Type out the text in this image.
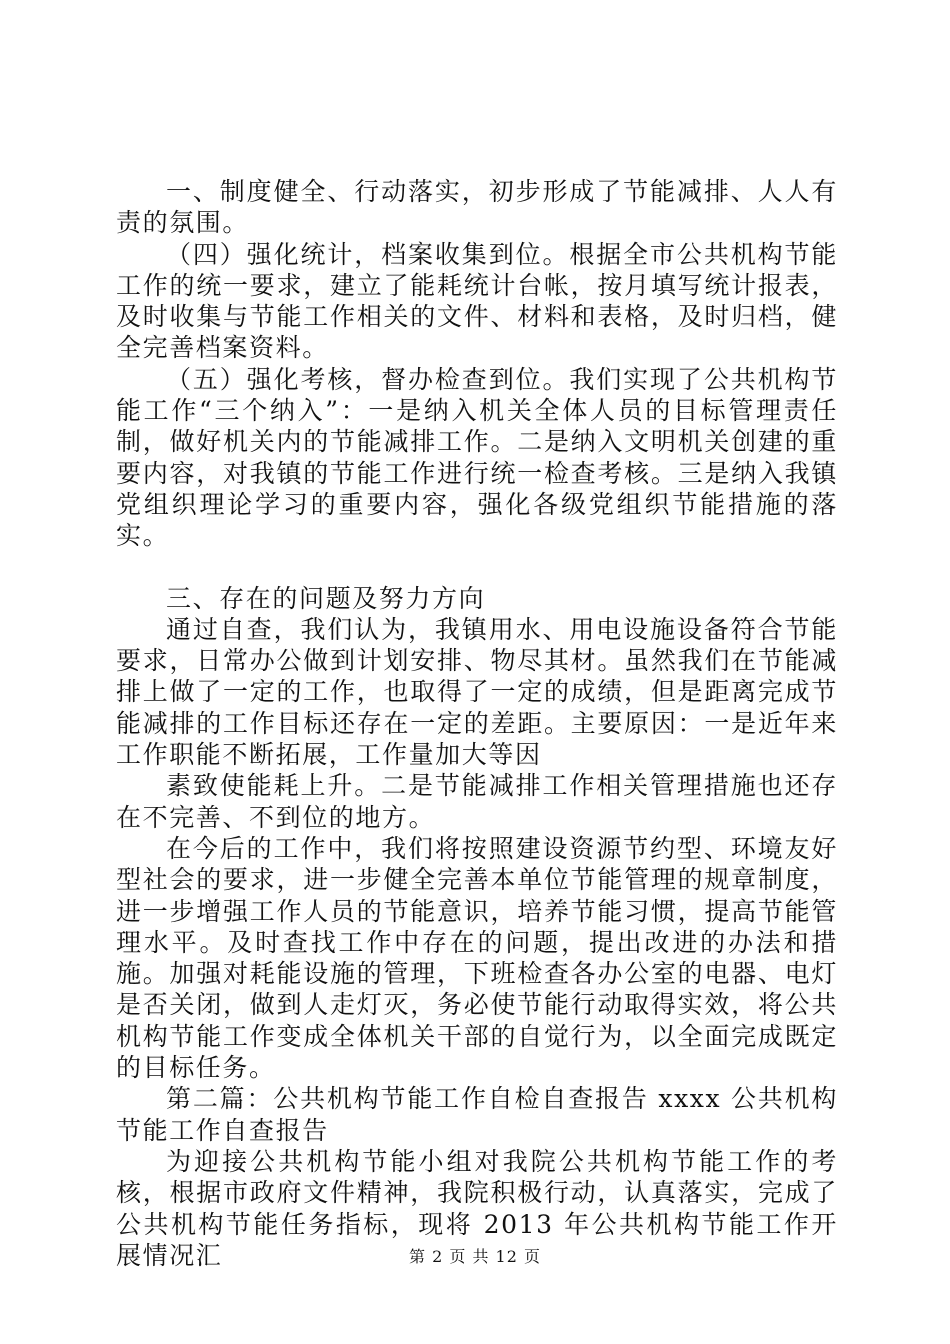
一、制度健全、行动落实，初步形成了节能减排、人人有责的氛围。

（四）强化统计，档案收集到位。根据全市公共机构节能工作的统一要求，建立了能耗统计台帐，按月填写统计报表，及时收集与节能工作相关的文件、材料和表格，及时归档，健全完善档案资料。

（五）强化考核，督办检查到位。我们实现了公共机构节能工作“三个纳入”：一是纳入机关全体人员的目标管理责任制，做好机关内的节能减排工作。二是纳入文明机关创建的重要内容，对我镇的节能工作进行统一检查考核。三是纳入我镇党组织理论学习的重要内容，强化各级党组织节能措施的落实。

三、存在的问题及努力方向

通过自查，我们认为，我镇用水、用电设施设备符合节能要求，日常办公做到计划安排、物尽其材。虽然我们在节能减排上做了一定的工作，也取得了一定的成绩，但是距离完成节能减排的工作目标还存在一定的差距。主要原因：一是近年来工作职能不断拓展，工作量加大等因

素致使能耗上升。二是节能减排工作相关管理措施也还存在不完善、不到位的地方。

在今后的工作中，我们将按照建设资源节约型、环境友好型社会的要求，进一步健全完善本单位节能管理的规章制度，进一步增强工作人员的节能意识，培养节能习惯，提高节能管理水平。及时查找工作中存在的问题，提出改进的办法和措施。加强对耗能设施的管理，下班检查各办公室的电器、电灯是否关闭，做到人走灯灭，务必使节能行动取得实效，将公共机构节能工作变成全体机关干部的自觉行为，以全面完成既定的目标任务。

第二篇：公共机构节能工作自检自查报告 xxxx 公共机构节能工作自查报告

为迎接公共机构节能小组对我院公共机构节能工作的考核，根据市政府文件精神，我院积极行动，认真落实，完成了公共机构节能任务指标，现将 2013 年公共机构节能工作开展情况汇	第 2 页 共 12 页
